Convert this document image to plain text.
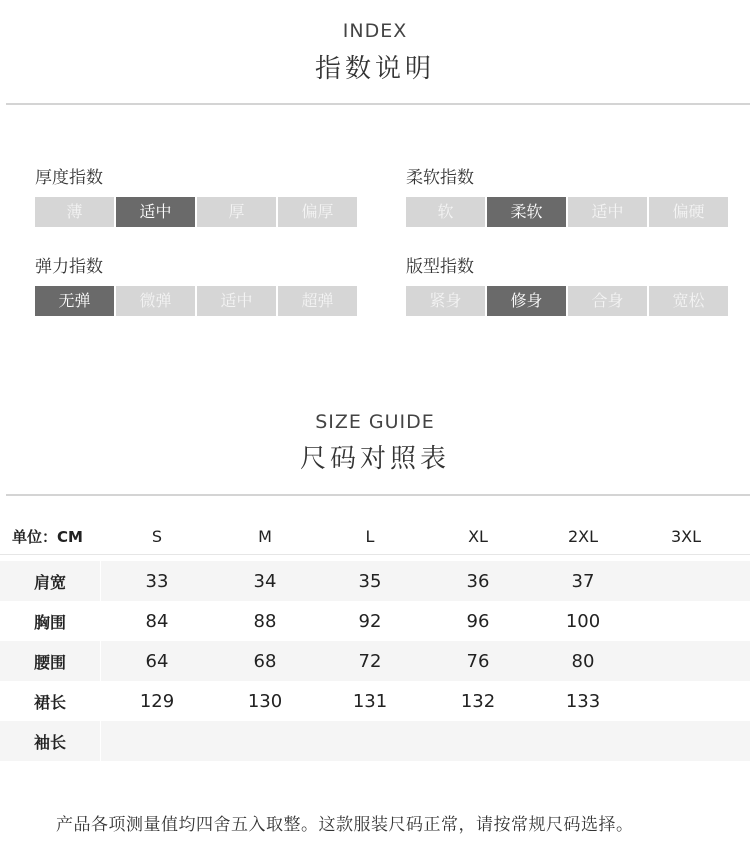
INDEX
指数说明
厚度指数
薄	适中	厚	偏厚
柔软指数
软	柔软	适中	偏硬
弹力指数
无弹	微弹	适中	超弹
版型指数
紧身	修身	合身	宽松
SIZE GUIDE
尺码对照表
单位：CM	S	M	L	XL	2XL	3XL
肩宽	33	34	35	36	37
胸围	84	88	92	96	100
腰围	64	68	72	76	80
裙长	129	130	131	132	133
袖长
产品各项测量值均四舍五入取整。这款服装尺码正常，请按常规尺码选择。
